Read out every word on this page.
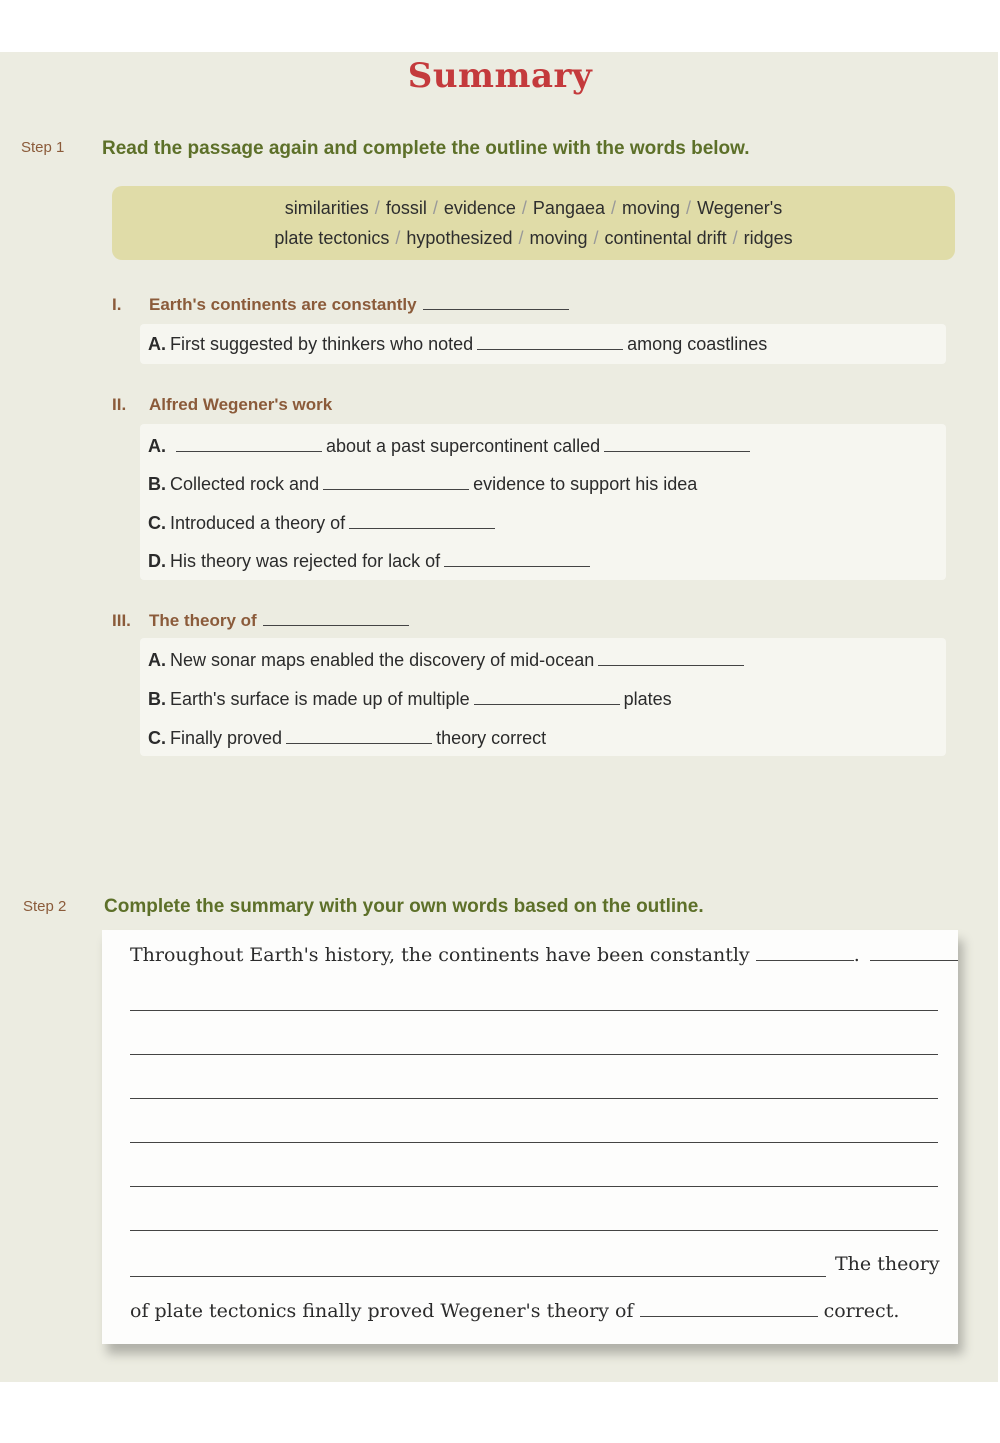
Summary
Step 1 Read the passage again and complete the outline with the words below.
similarities / fossil / evidence / Pangaea / moving / Wegener's
plate tectonics / hypothesized / moving / continental drift / ridges
I. Earth's continents are constantly
A. First suggested by thinkers who noted	among coastlines
II. Alfred Wegener's work
A.	about a past supercontinent called
B. Collected rock and	evidence to support his idea
C. Introduced a theory of
D. His theory was rejected for lack of
III. The theory of
A. New sonar maps enabled the discovery of mid-ocean
B. Earth's surface is made up of multiple	plates
C. Finally proved	theory correct
Step 2 Complete the summary with your own words based on the outline.
Throughout Earth's history, the continents have been constantly	.
The theory
of plate tectonics finally proved Wegener's theory of	correct.
